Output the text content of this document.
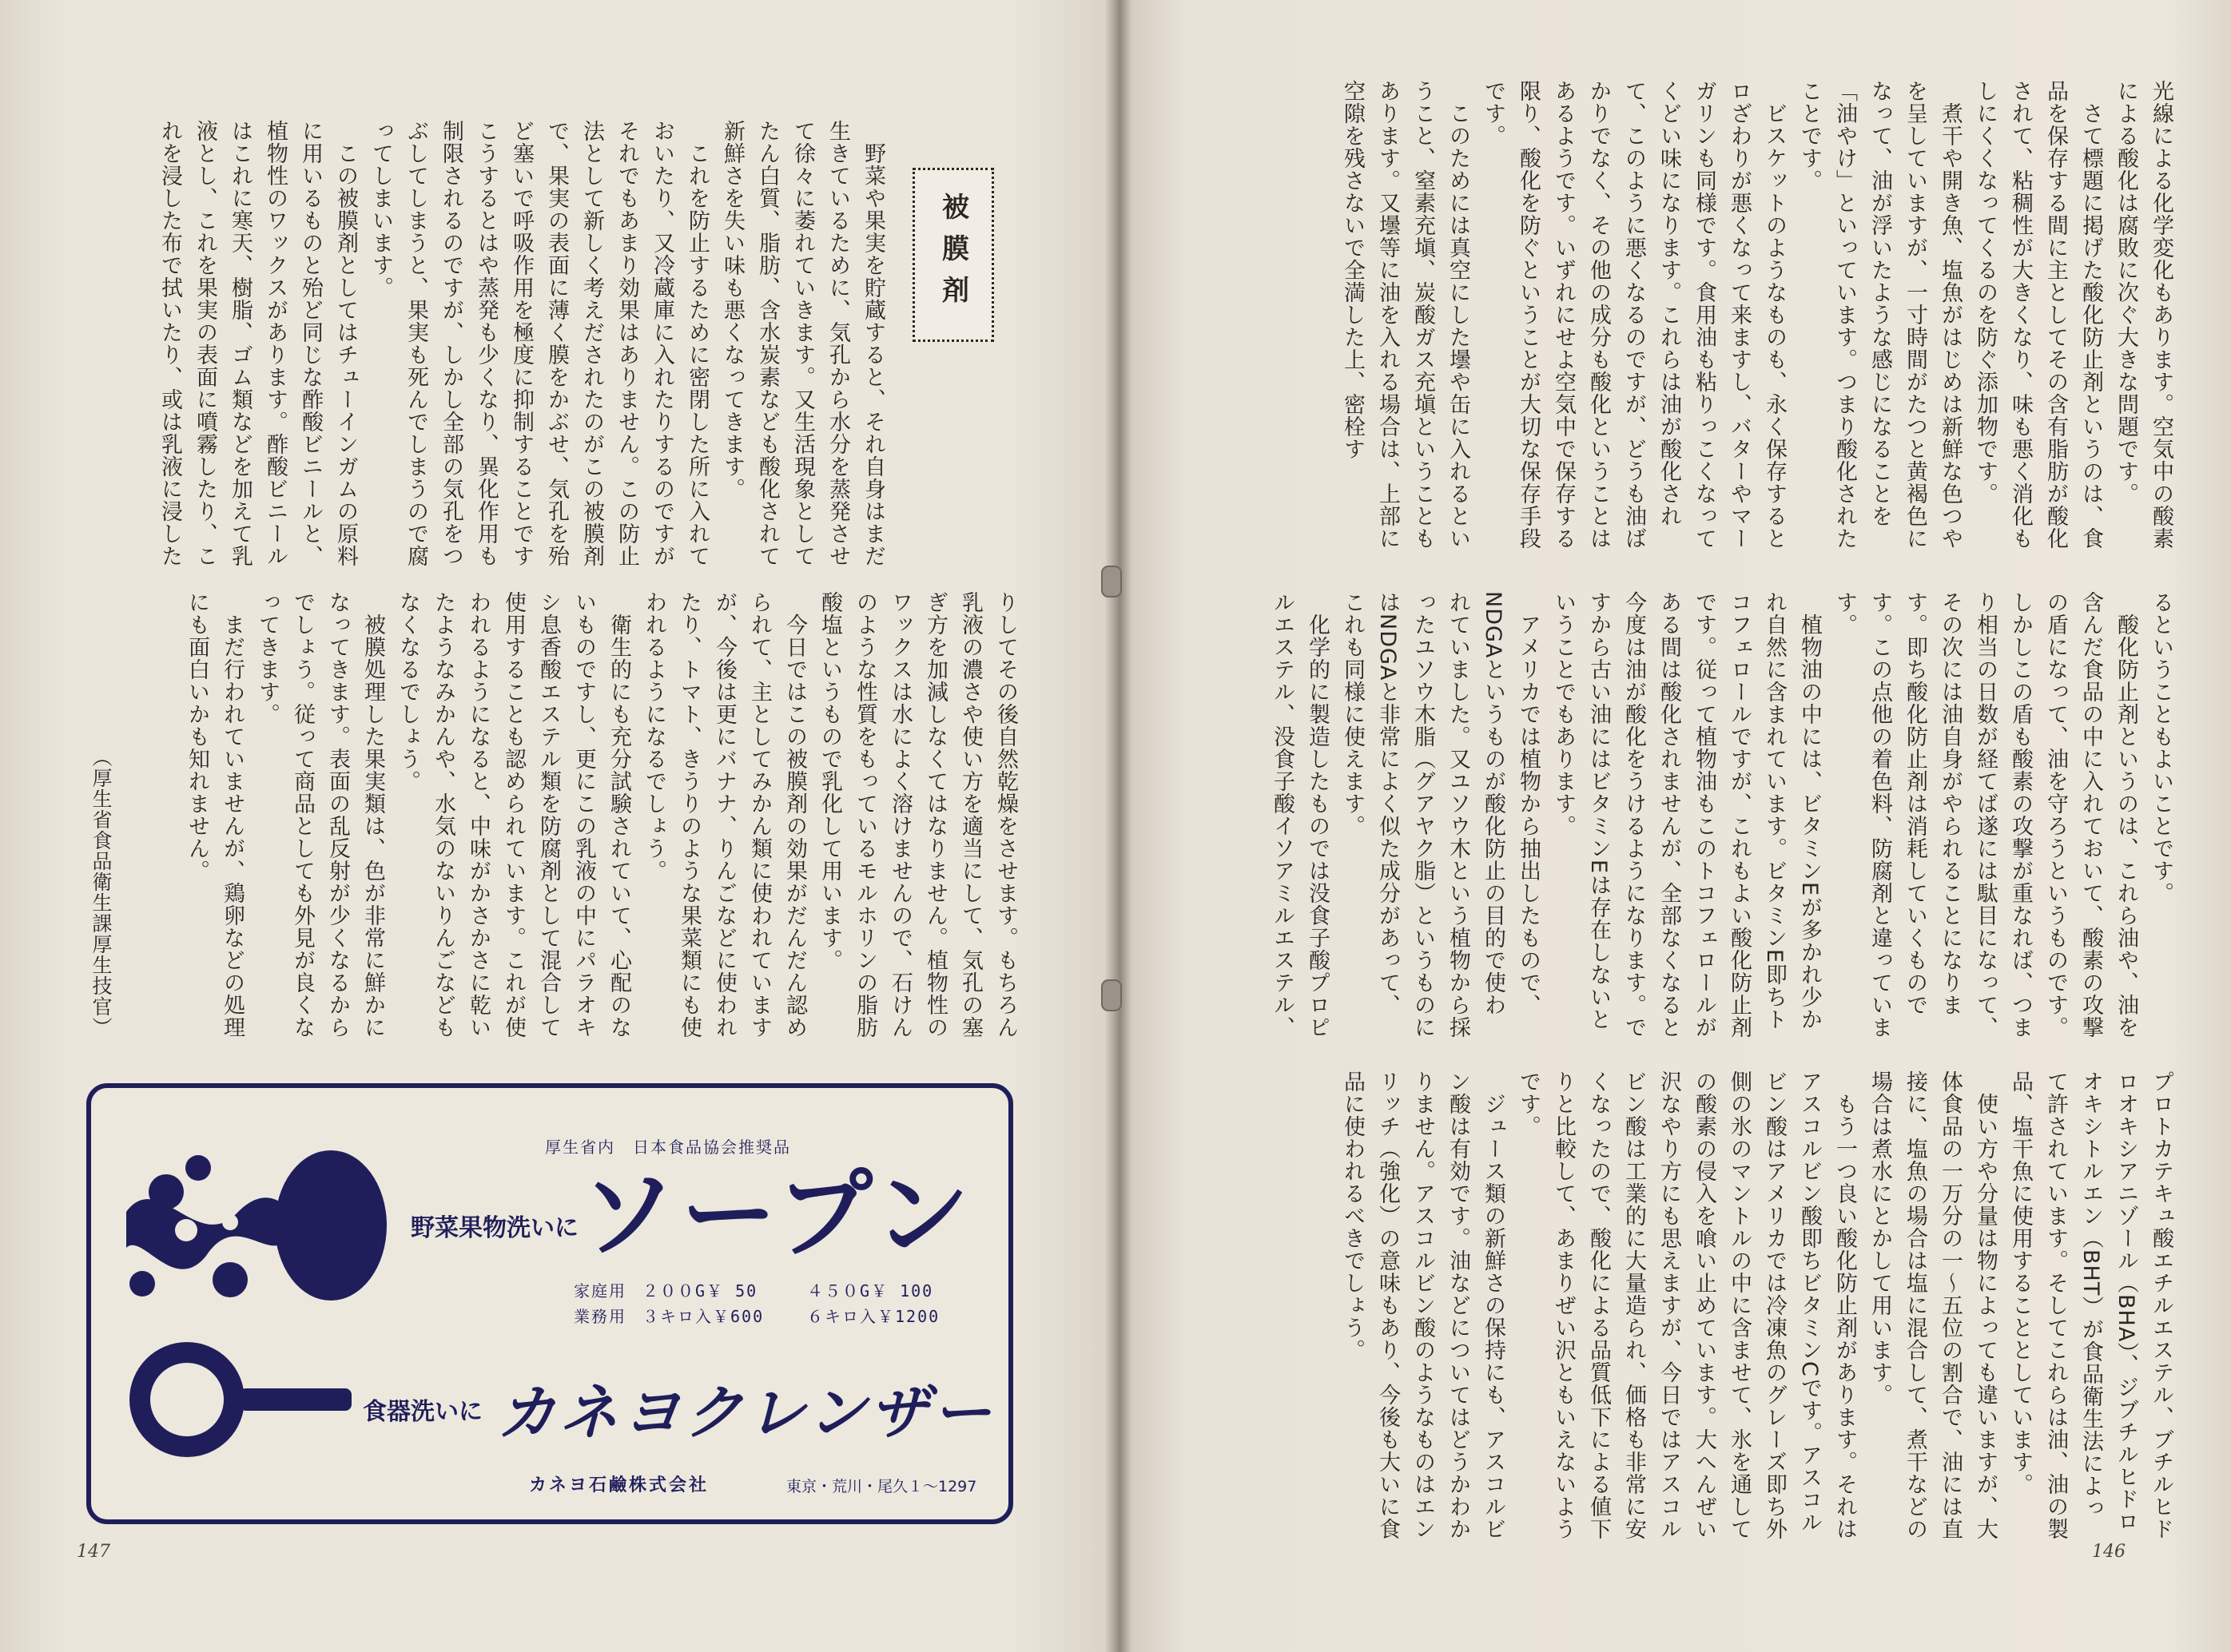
被膜剤
　野菜や果実を貯蔵すると、それ自身はまだ生きているために、気孔から水分を蒸発させて徐々に萎れていきます。又生活現象としてたん白質、脂肪、含水炭素なども酸化されて新鮮さを失い味も悪くなってきます。
　これを防止するために密閉した所に入れておいたり、又冷蔵庫に入れたりするのですがそれでもあまり効果はありません。この防止法として新しく考えだされたのがこの被膜剤で、果実の表面に薄く膜をかぶせ、気孔を殆ど塞いで呼吸作用を極度に抑制することですこうするとはや蒸発も少くなり、異化作用も制限されるのですが、しかし全部の気孔をつぶしてしまうと、果実も死んでしまうので腐ってしまいます。
　この被膜剤としてはチューインガムの原料に用いるものと殆ど同じな酢酸ビニールと、植物性のワックスがあります。酢酸ビニールはこれに寒天、樹脂、ゴム類などを加えて乳液とし、これを果実の表面に噴霧したり、これを浸した布で拭いたり、或は乳液に浸した
りしてその後自然乾燥をさせます。もちろん乳液の濃さや使い方を適当にして、気孔の塞ぎ方を加減しなくてはなりません。植物性のワックスは水によく溶けませんので、石けんのような性質をもっているモルホリンの脂肪酸塩というもので乳化して用います。
　今日ではこの被膜剤の効果がだんだん認められて、主としてみかん類に使われていますが、今後は更にバナナ、りんごなどに使われたり、トマト、きうりのような果菜類にも使われるようになるでしょう。
　衛生的にも充分試験されていて、心配のないものですし、更にこの乳液の中にパラオキシ息香酸エステル類を防腐剤として混合して使用することも認められています。これが使われるようになると、中味がかさかさに乾いたようなみかんや、水気のないりんごなどもなくなるでしょう。
　被膜処理した果実類は、色が非常に鮮かになってきます。表面の乱反射が少くなるからでしょう。従って商品としても外見が良くなってきます。
　まだ行われていませんが、鶏卵などの処理にも面白いかも知れません。
（厚生省食品衛生課厚生技官）
厚生省内　日本食品協会推奨品
野菜果物洗いに ソープン
家庭用 ２００G￥ 50	４５０G￥ 100
業務用 ３キロ入￥600	６キロ入￥1200
食器洗いに カネヨクレンザー
カネヨ石鹼株式会社	東京・荒川・尾久１〜1297
147
光線による化学変化もあります。空気中の酸素による酸化は腐敗に次ぐ大きな問題です。
　さて標題に掲げた酸化防止剤というのは、食品を保存する間に主としてその含有脂肪が酸化されて、粘稠性が大きくなり、味も悪く消化もしにくくなってくるのを防ぐ添加物です。
　煮干や開き魚、塩魚がはじめは新鮮な色つやを呈していますが、一寸時間がたつと黄褐色になって、油が浮いたような感じになることを「油やけ」といっています。つまり酸化されたことです。
　ビスケットのようなものも、永く保存するとロざわりが悪くなって来ますし、バターやマーガリンも同様です。食用油も粘りっこくなってくどい味になります。これらは油が酸化されて、このように悪くなるのですが、どうも油ばかりでなく、その他の成分も酸化ということはあるようです。いずれにせよ空気中で保存する限り、酸化を防ぐということが大切な保存手段です。
　このためには真空にした壜や缶に入れるということ、窒素充塡、炭酸ガス充塡ということもあります。又壜等に油を入れる場合は、上部に空隙を残さないで全満した上、密栓す
るということもよいことです。
　酸化防止剤というのは、これら油や、油を含んだ食品の中に入れておいて、酸素の攻撃の盾になって、油を守ろうというものです。しかしこの盾も酸素の攻撃が重なれば、つまり相当の日数が経てば遂には駄目になって、その次には油自身がやられることになります。即ち酸化防止剤は消耗していくものです。この点他の着色料、防腐剤と違っています。
　植物油の中には、ビタミンEが多かれ少かれ自然に含まれています。ビタミンE即ちトコフェロールですが、これもよい酸化防止剤です。従って植物油もこのトコフェロールがある間は酸化されませんが、全部なくなると今度は油が酸化をうけるようになります。ですから古い油にはビタミンEは存在しないということでもあります。
　アメリカでは植物から抽出したもので、NDGAというものが酸化防止の目的で使われていました。又ユソウ木という植物から採ったユソウ木脂（グアヤク脂）というものにはNDGAと非常によく似た成分があって、これも同様に使えます。
　化学的に製造したものでは没食子酸プロピルエステル、没食子酸イソアミルエステル、
プロトカテキュ酸エチルエステル、ブチルヒドロオキシアニゾール（BHA）、ジブチルヒドロオキシトルエン（BHT）が食品衛生法によって許されています。そしてこれらは油、油の製品、塩干魚に使用することとしています。
　使い方や分量は物によっても違いますが、大体食品の一万分の一〜五位の割合で、油には直接に、塩魚の場合は塩に混合して、煮干などの場合は煮水にとかして用います。
　もう一つ良い酸化防止剤があります。それはアスコルビン酸即ちビタミンCです。アスコルビン酸はアメリカでは冷凍魚のグレーズ即ち外側の氷のマントルの中に含ませて、氷を通しての酸素の侵入を喰い止めています。大へんぜい沢なやり方にも思えますが、今日ではアスコルビン酸は工業的に大量造られ、価格も非常に安くなったので、酸化による品質低下による値下りと比較して、あまりぜい沢ともいえないようです。
　ジュース類の新鮮さの保持にも、アスコルビン酸は有効です。油などについてはどうかわかりません。アスコルビン酸のようなものはエンリッチ（強化）の意味もあり、今後も大いに食品に使われるべきでしょう。
146
